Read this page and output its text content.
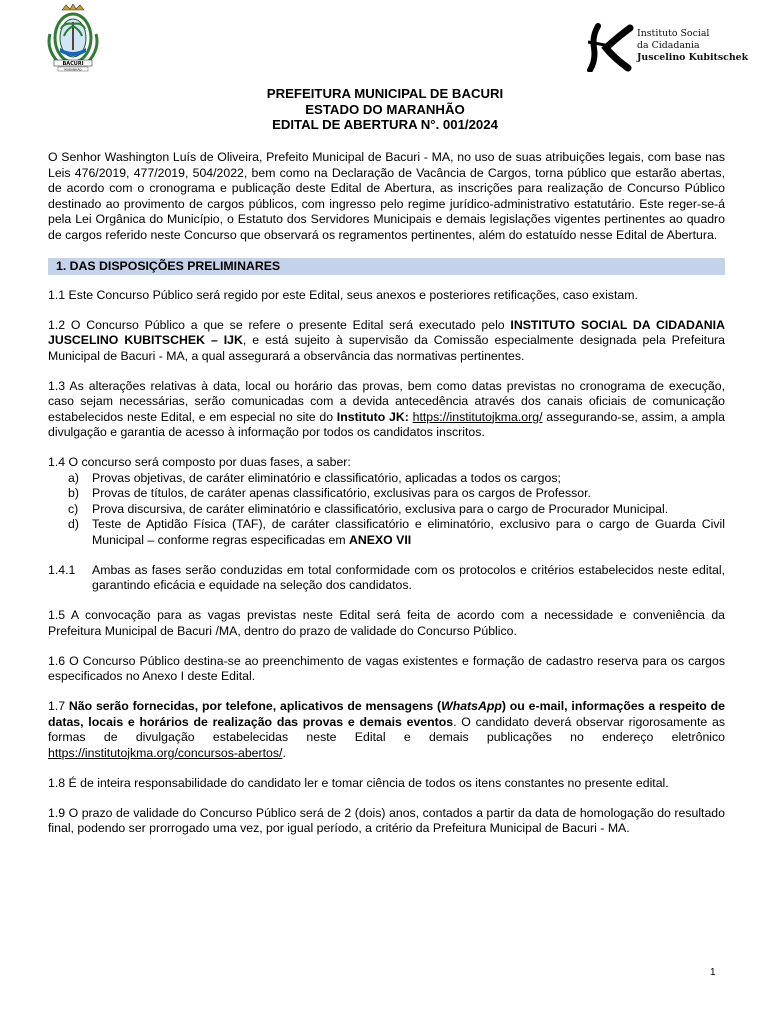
BACURI
MARANHÃO
Instituto Social
da Cidadania
Juscelino Kubitschek
PREFEITURA MUNICIPAL DE BACURI
ESTADO DO MARANHÃO
EDITAL DE ABERTURA N°. 001/2024

O Senhor Washington Luís de Oliveira, Prefeito Municipal de Bacuri - MA, no uso de suas atribuições legais, com base nas Leis 476/2019, 477/2019, 504/2022, bem como na Declaração de Vacância de Cargos, torna público que estarão abertas, de acordo com o cronograma e publicação deste Edital de Abertura, as inscrições para realização de Concurso Público destinado ao provimento de cargos públicos, com ingresso pelo regime jurídico-administrativo estatutário. Este reger-se-á pela Lei Orgânica do Município, o Estatuto dos Servidores Municipais e demais legislações vigentes pertinentes ao quadro de cargos referido neste Concurso que observará os regramentos pertinentes, além do estatuído nesse Edital de Abertura.

1. DAS DISPOSIÇÕES PRELIMINARES

1.1 Este Concurso Público será regido por este Edital, seus anexos e posteriores retificações, caso existam.

1.2 O Concurso Público a que se refere o presente Edital será executado pelo INSTITUTO SOCIAL DA CIDADANIA JUSCELINO KUBITSCHEK – IJK, e está sujeito à supervisão da Comissão especialmente designada pela Prefeitura Municipal de Bacuri - MA, a qual assegurará a observância das normativas pertinentes.

1.3 As alterações relativas à data, local ou horário das provas, bem como datas previstas no cronograma de execução, caso sejam necessárias, serão comunicadas com a devida antecedência através dos canais oficiais de comunicação estabelecidos neste Edital, e em especial no site do Instituto JK: https://institutojkma.org/ assegurando-se, assim, a ampla divulgação e garantia de acesso à informação por todos os candidatos inscritos.

1.4 O concurso será composto por duas fases, a saber:
a) Provas objetivas, de caráter eliminatório e classificatório, aplicadas a todos os cargos;
b) Provas de títulos, de caráter apenas classificatório, exclusivas para os cargos de Professor.
c) Prova discursiva, de caráter eliminatório e classificatório, exclusiva para o cargo de Procurador Municipal.
d) Teste de Aptidão Física (TAF), de caráter classificatório e eliminatório, exclusivo para o cargo de Guarda Civil Municipal – conforme regras especificadas em ANEXO VII
1.4.1 Ambas as fases serão conduzidas em total conformidade com os protocolos e critérios estabelecidos neste edital, garantindo eficácia e equidade na seleção dos candidatos.

1.5 A convocação para as vagas previstas neste Edital será feita de acordo com a necessidade e conveniência da Prefeitura Municipal de Bacuri /MA, dentro do prazo de validade do Concurso Público.

1.6 O Concurso Público destina-se ao preenchimento de vagas existentes e formação de cadastro reserva para os cargos especificados no Anexo I deste Edital.

1.7 Não serão fornecidas, por telefone, aplicativos de mensagens (WhatsApp) ou e-mail, informações a respeito de datas, locais e horários de realização das provas e demais eventos. O candidato deverá observar rigorosamente as formas de divulgação estabelecidas neste Edital e demais publicações no endereço eletrônico https://institutojkma.org/concursos-abertos/.

1.8 É de inteira responsabilidade do candidato ler e tomar ciência de todos os itens constantes no presente edital.

1.9 O prazo de validade do Concurso Público será de 2 (dois) anos, contados a partir da data de homologação do resultado final, podendo ser prorrogado uma vez, por igual período, a critério da Prefeitura Municipal de Bacuri - MA.

1
